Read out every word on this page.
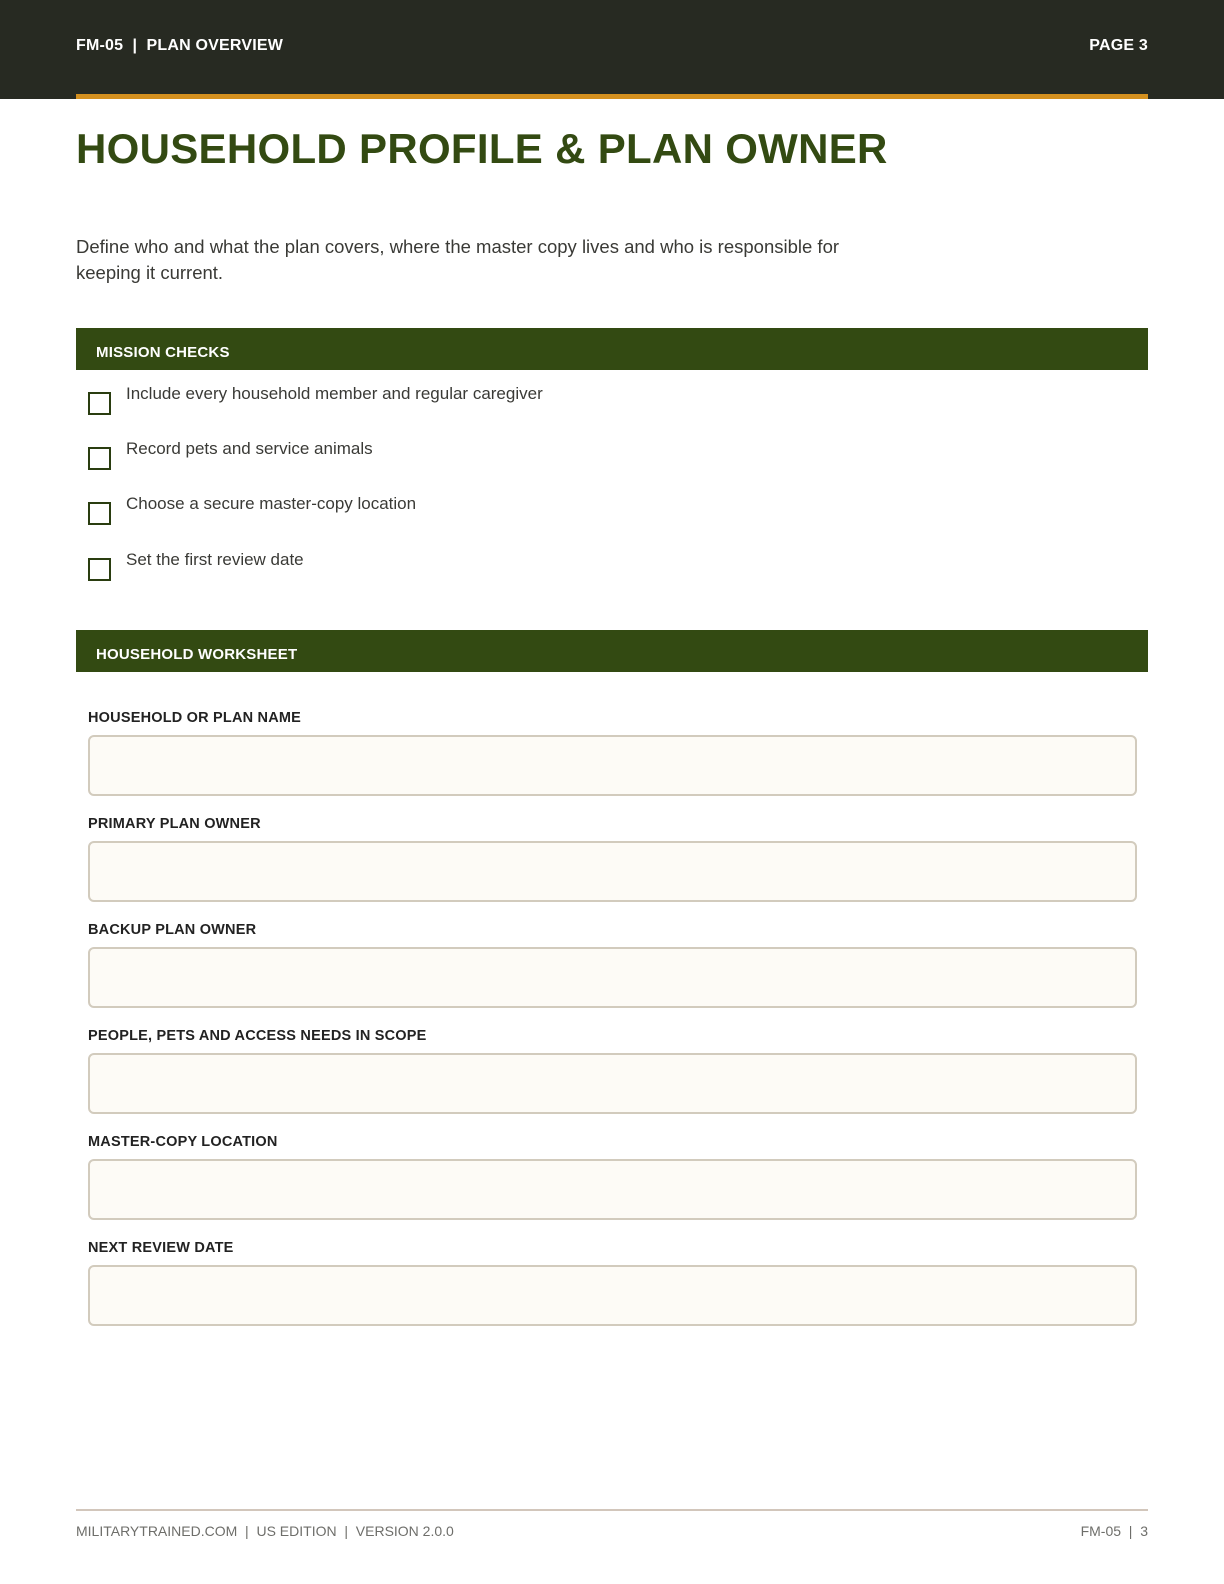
FM-05  |  PLAN OVERVIEW	PAGE 3
HOUSEHOLD PROFILE & PLAN OWNER

Define who and what the plan covers, where the master copy lives and who is responsible for keeping it current.

MISSION CHECKS
Include every household member and regular caregiver
Record pets and service animals
Choose a secure master-copy location
Set the first review date
HOUSEHOLD WORKSHEET
HOUSEHOLD OR PLAN NAME
PRIMARY PLAN OWNER
BACKUP PLAN OWNER
PEOPLE, PETS AND ACCESS NEEDS IN SCOPE
MASTER-COPY LOCATION
NEXT REVIEW DATE
MILITARYTRAINED.COM  |  US EDITION  |  VERSION 2.0.0	FM-05  |  3
